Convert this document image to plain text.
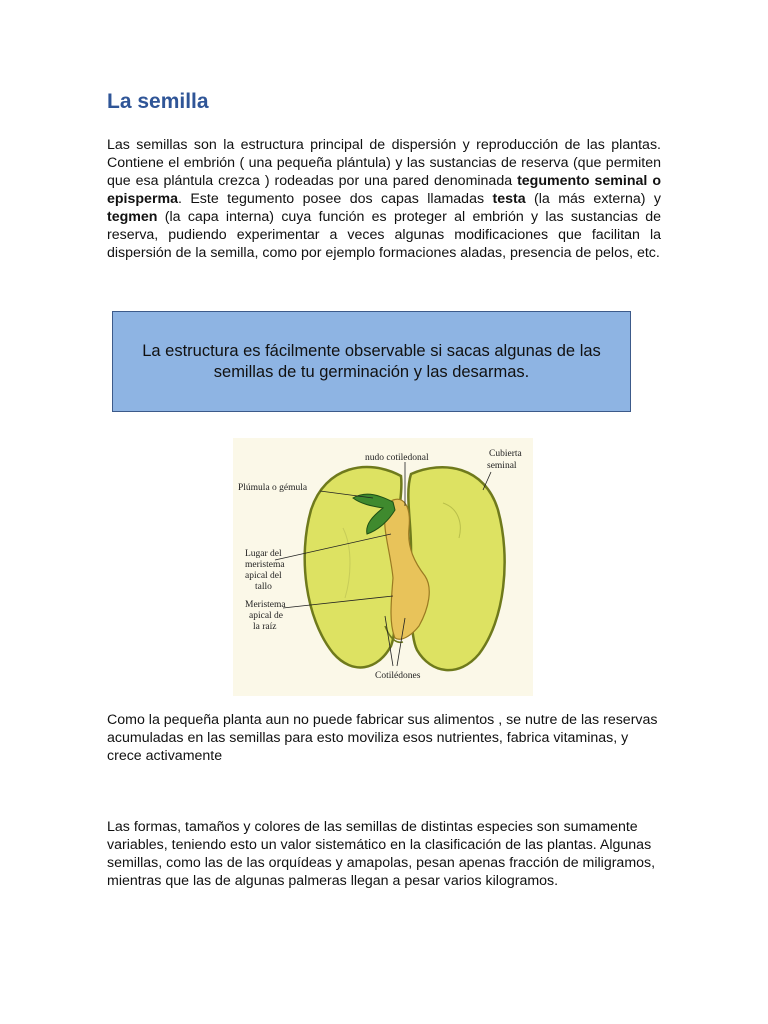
La semilla
Las semillas son la estructura principal de dispersión y reproducción de las plantas. Contiene el embrión ( una pequeña plántula) y las sustancias de reserva (que permiten que esa plántula crezca ) rodeadas por una pared denominada tegumento seminal o episperma. Este tegumento posee dos capas llamadas testa (la más externa) y tegmen (la capa interna) cuya función es proteger al embrión y las sustancias de reserva, pudiendo experimentar a veces algunas modificaciones que facilitan la dispersión de la semilla, como por ejemplo formaciones aladas, presencia de pelos, etc.
La estructura es fácilmente observable si sacas algunas de las semillas de tu germinación y las desarmas.
Plúmula o gémula
nudo cotiledonal	Cubierta
seminal
Lugar del
meristema
apical del
tallo
Meristema
apical de
la raíz
Cotilédones
Como la pequeña planta aun no puede fabricar sus alimentos , se nutre de las reservas acumuladas en las semillas para esto moviliza esos nutrientes, fabrica vitaminas, y crece activamente
Las formas, tamaños y colores de las semillas de distintas especies son sumamente variables, teniendo esto un valor sistemático en la clasificación de las plantas. Algunas semillas, como las de las orquídeas y amapolas, pesan apenas fracción de miligramos, mientras que las de algunas palmeras llegan a pesar varios kilogramos.
